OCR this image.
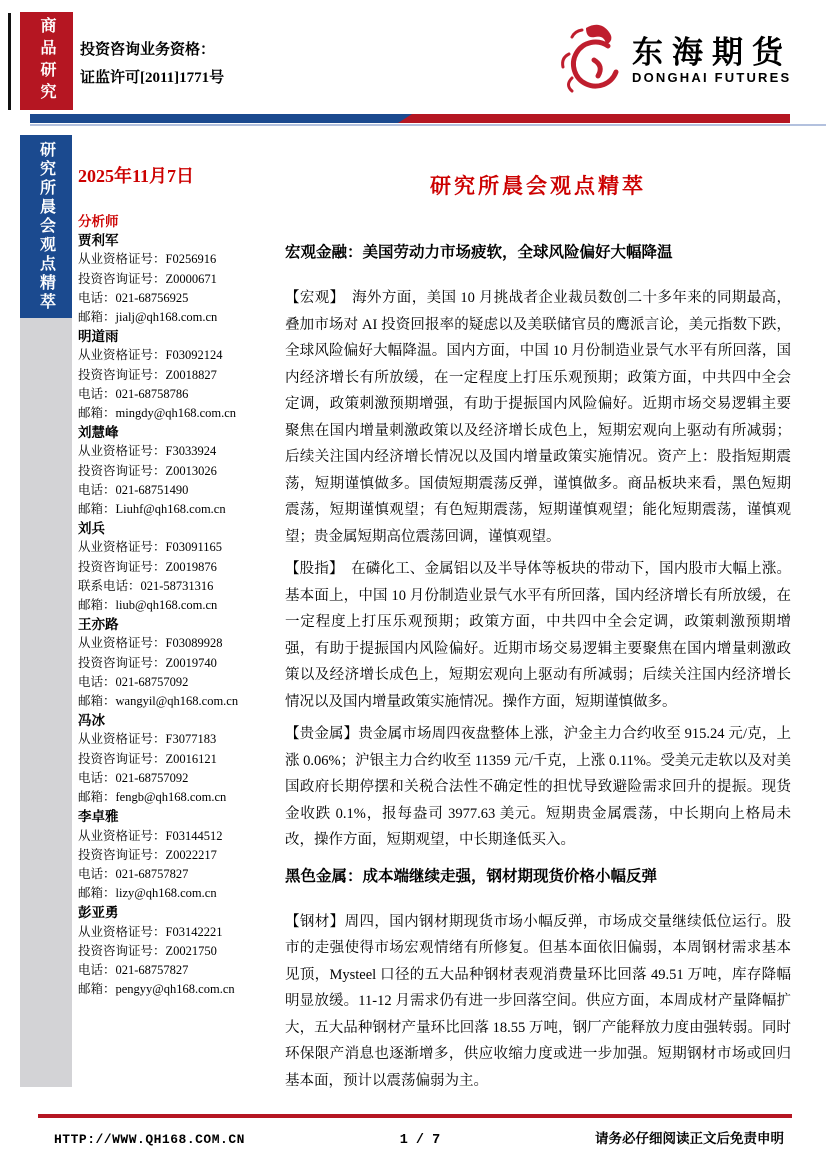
商品研究 投资咨询业务资格：
证监许可[2011]1771号
东海期货
DONGHAI FUTURES
研究所晨会观点精萃 2025年11月7日
分析师
贾利军
从业资格证号：F0256916
投资咨询证号：Z0000671
电话：021-68756925
邮箱：jialj@qh168.com.cn
明道雨
从业资格证号：F03092124
投资咨询证号：Z0018827
电话：021-68758786
邮箱：mingdy@qh168.com.cn
刘慧峰
从业资格证号：F3033924
投资咨询证号：Z0013026
电话：021-68751490
邮箱：Liuhf@qh168.com.cn
刘兵
从业资格证号：F03091165
投资咨询证号：Z0019876
联系电话：021-58731316
邮箱：liub@qh168.com.cn
王亦路
从业资格证号：F03089928
投资咨询证号：Z0019740
电话：021-68757092
邮箱：wangyil@qh168.com.cn
冯冰
从业资格证号：F3077183
投资咨询证号：Z0016121
电话：021-68757092
邮箱：fengb@qh168.com.cn
李卓雅
从业资格证号：F03144512
投资咨询证号：Z0022217
电话：021-68757827
邮箱：lizy@qh168.com.cn
彭亚勇
从业资格证号：F03142221
投资咨询证号：Z0021750
电话：021-68757827
邮箱：pengyy@qh168.com.cn
研究所晨会观点精萃
宏观金融：美国劳动力市场疲软，全球风险偏好大幅降温

【宏观】　海外方面，美国 10 月挑战者企业裁员数创二十多年来的同期最高，叠加市场对 AI 投资回报率的疑虑以及美联储官员的鹰派言论，美元指数下跌，全球风险偏好大幅降温。国内方面，中国 10 月份制造业景气水平有所回落，国内经济增长有所放缓，在一定程度上打压乐观预期；政策方面，中共四中全会定调，政策刺激预期增强，有助于提振国内风险偏好。近期市场交易逻辑主要聚焦在国内增量刺激政策以及经济增长成色上，短期宏观向上驱动有所减弱；后续关注国内经济增长情况以及国内增量政策实施情况。资产上：股指短期震荡，短期谨慎做多。国债短期震荡反弹，谨慎做多。商品板块来看，黑色短期震荡，短期谨慎观望；有色短期震荡，短期谨慎观望；能化短期震荡，谨慎观望；贵金属短期高位震荡回调，谨慎观望。

【股指】　在磷化工、金属铝以及半导体等板块的带动下，国内股市大幅上涨。基本面上，中国 10 月份制造业景气水平有所回落，国内经济增长有所放缓，在一定程度上打压乐观预期；政策方面，中共四中全会定调，政策刺激预期增强，有助于提振国内风险偏好。近期市场交易逻辑主要聚焦在国内增量刺激政策以及经济增长成色上，短期宏观向上驱动有所减弱；后续关注国内经济增长情况以及国内增量政策实施情况。操作方面，短期谨慎做多。

【贵金属】贵金属市场周四夜盘整体上涨，沪金主力合约收至 915.24 元/克，上涨 0.06%；沪银主力合约收至 11359 元/千克，上涨 0.11%。受美元走软以及对美国政府长期停摆和关税合法性不确定性的担忧导致避险需求回升的提振。现货金收跌 0.1%，报每盎司 3977.63 美元。短期贵金属震荡，中长期向上格局未改，操作方面，短期观望，中长期逢低买入。

黑色金属：成本端继续走强，钢材期现货价格小幅反弹

【钢材】周四，国内钢材期现货市场小幅反弹，市场成交量继续低位运行。股市的走强使得市场宏观情绪有所修复。但基本面依旧偏弱，本周钢材需求基本见顶，Mysteel 口径的五大品种钢材表观消费量环比回落 49.51 万吨，库存降幅明显放缓。11-12 月需求仍有进一步回落空间。供应方面，本周成材产量降幅扩大，五大品种钢材产量环比回落 18.55 万吨，钢厂产能释放力度由强转弱。同时环保限产消息也逐渐增多，供应收缩力度或进一步加强。短期钢材市场或回归基本面，预计以震荡偏弱为主。

HTTP://WWW.QH168.COM.CN	1 / 7	请务必仔细阅读正文后免责申明
